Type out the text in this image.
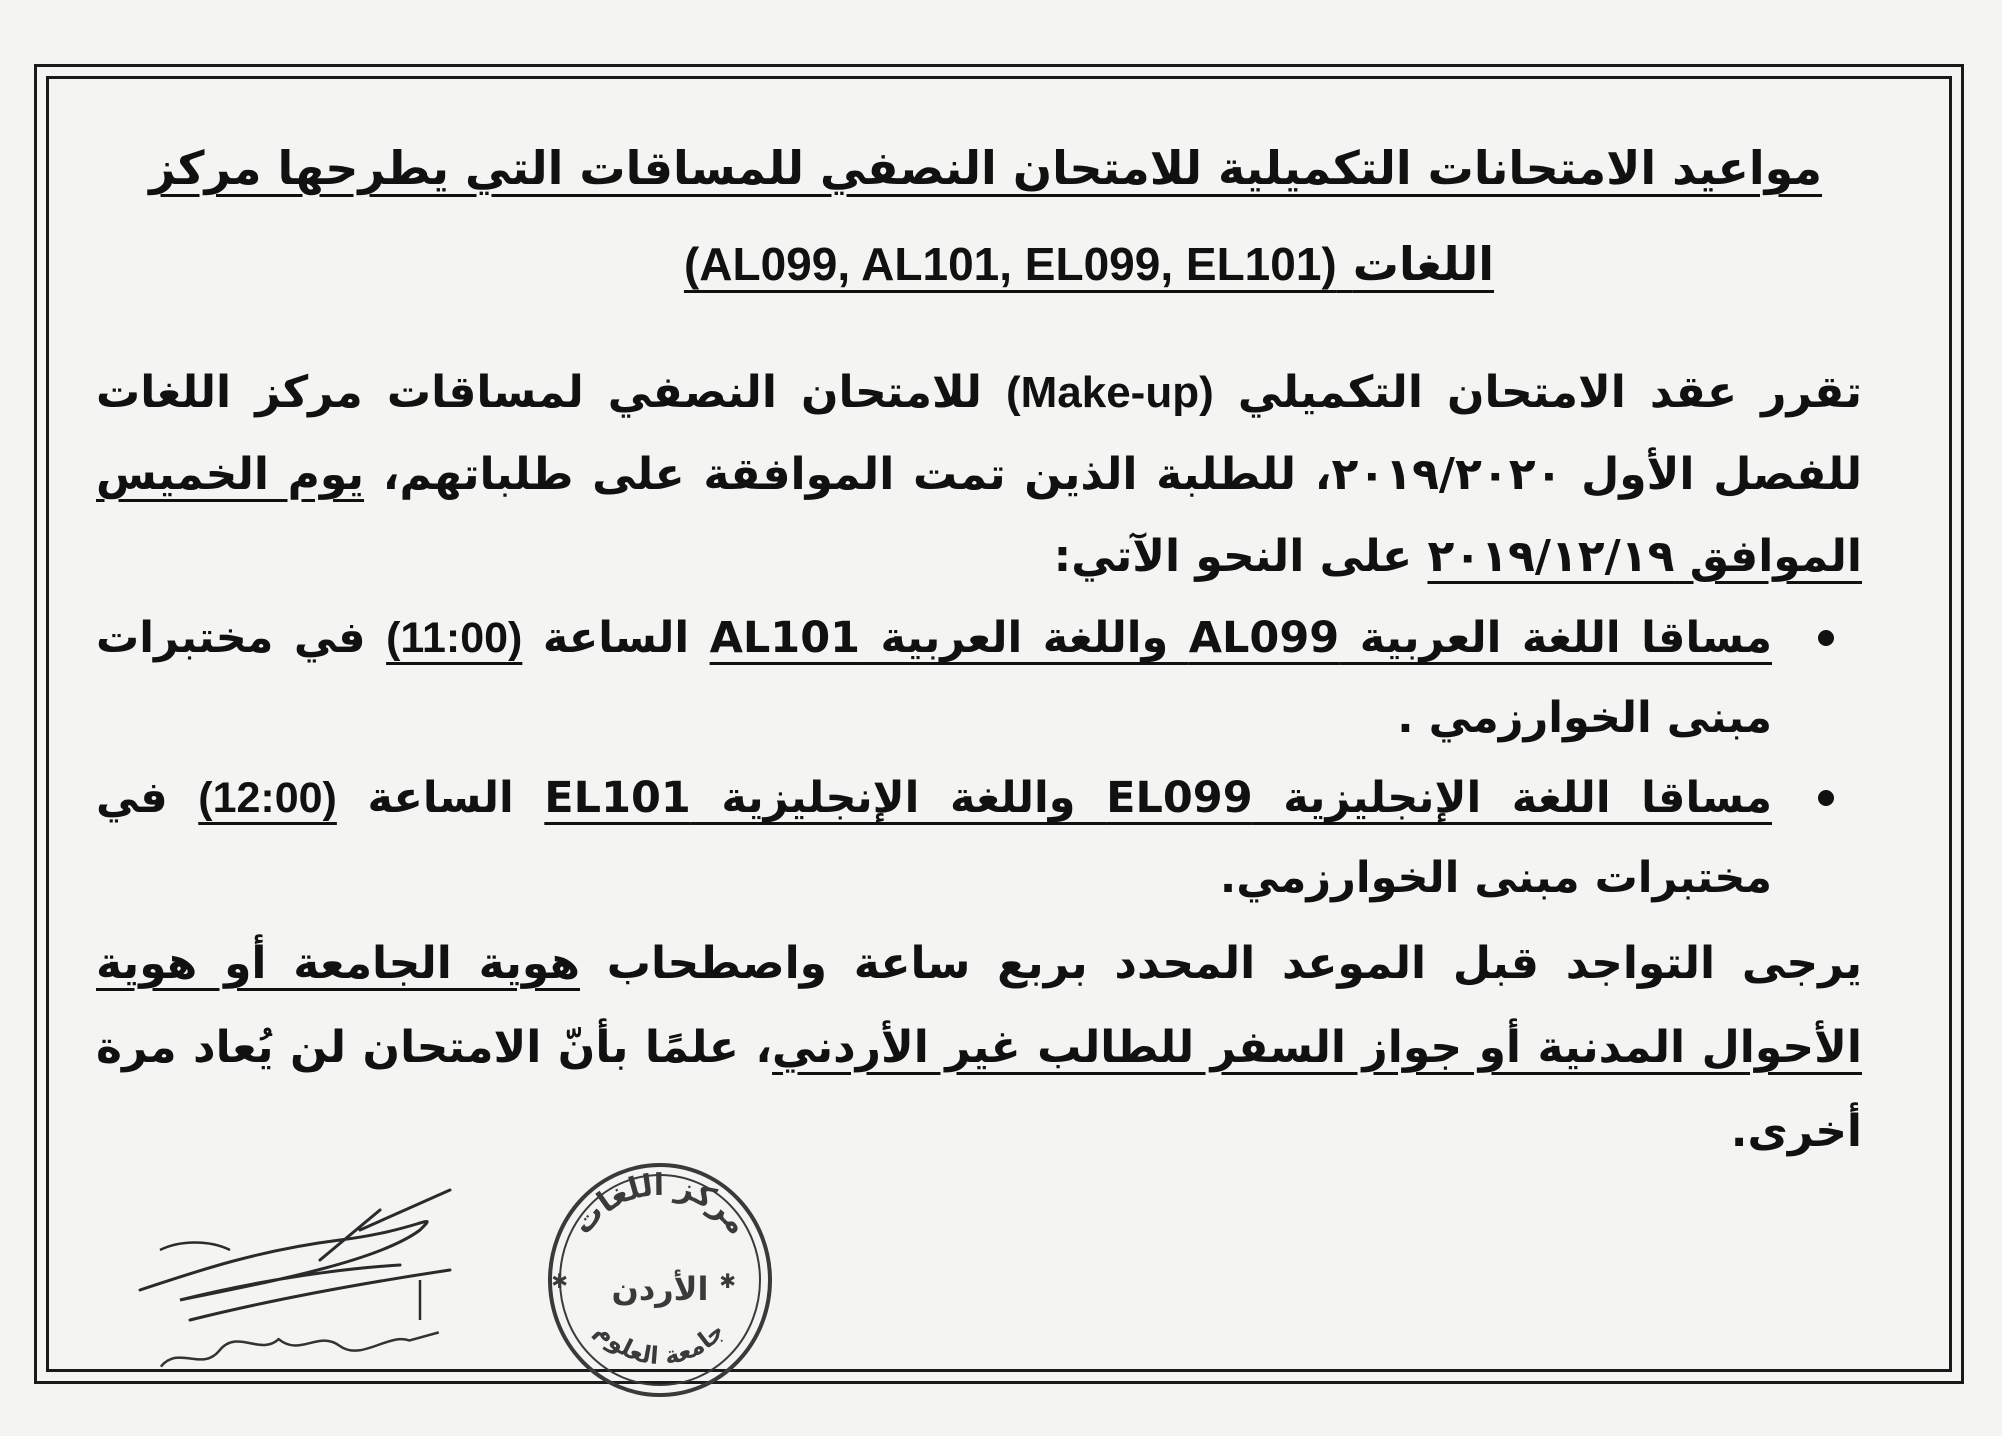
مواعيد الامتحانات التكميلية للامتحان النصفي للمساقات التي يطرحها مركز
اللغات (AL099, AL101, EL099, EL101)

تقرر عقد الامتحان التكميلي (Make-up) للامتحان النصفي لمساقات مركز اللغات للفصل الأول ٢٠١٩/٢٠٢٠، للطلبة الذين تمت الموافقة على طلباتهم، يوم الخميس الموافق ٢٠١٩/١٢/١٩ على النحو الآتي:

مساقا اللغة العربية AL099 واللغة العربية AL101 الساعة (11:00) في مختبرات مبنى الخوارزمي .
مساقا اللغة الإنجليزية EL099 واللغة الإنجليزية EL101 الساعة (12:00) في مختبرات مبنى الخوارزمي.

يرجى التواجد قبل الموعد المحدد بربع ساعة واصطحاب هوية الجامعة أو هوية الأحوال المدنية أو جواز السفر للطالب غير الأردني، علمًا بأنّ الامتحان لن يُعاد مرة أخرى.

مركز اللغات
الأردن
جامعة العلوم
✱	✱
